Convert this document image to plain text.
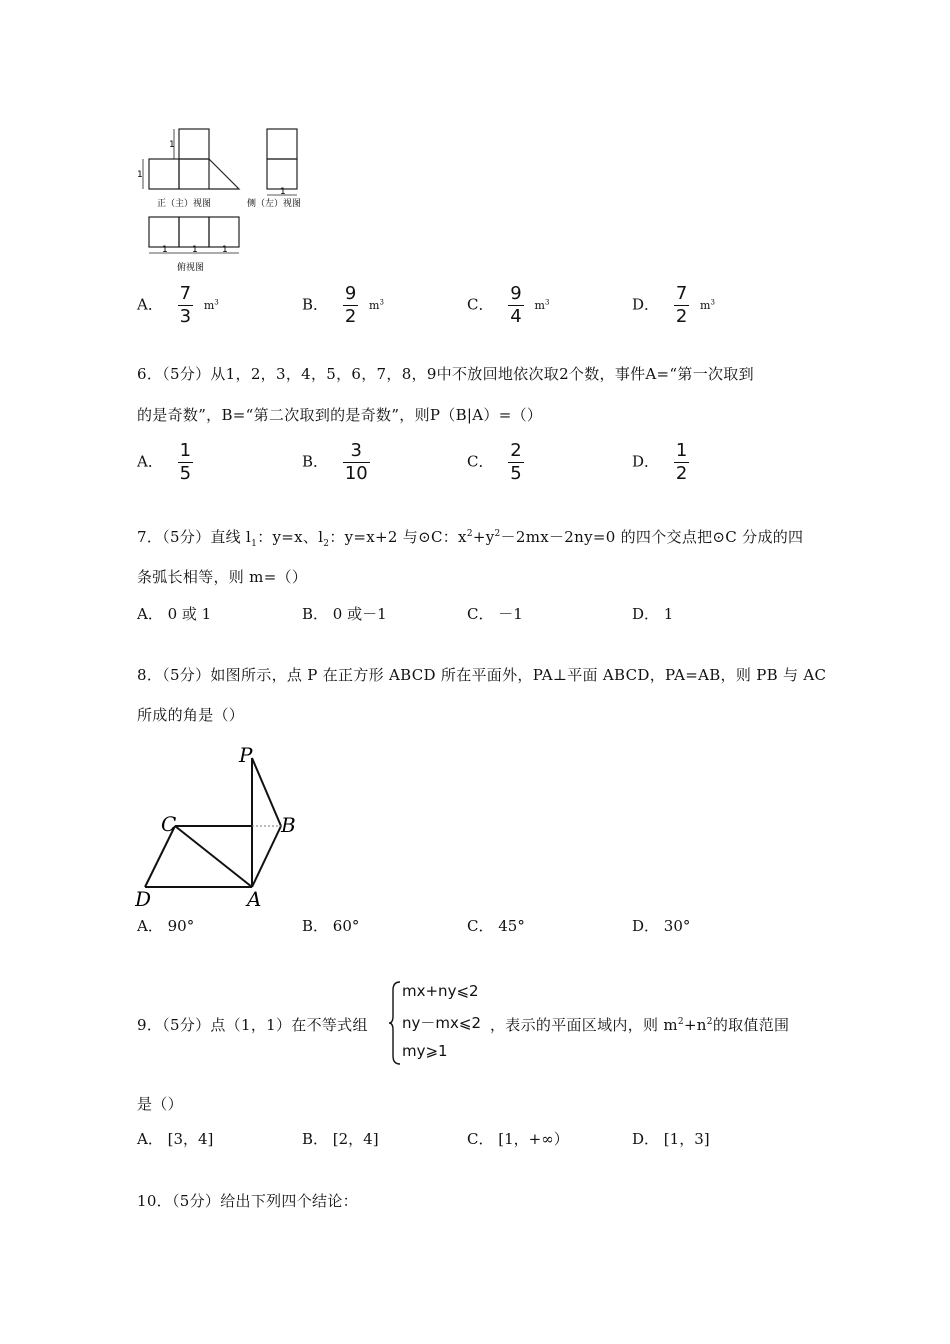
1
1
1
1	1	1
正（主）视图	侧（左）视图
俯视图
A． $\frac{7}{3} m^3$	B． $\frac{9}{2} m^3$	C． $\frac{9}{4} m^3$	D． $\frac{7}{2} m^3$
6．（5分）从1，2，3，4，5，6，7，8，9中不放回地依次取2个数，事件A=“第一次取到
的是奇数”，B=“第二次取到的是奇数”，则P（B|A）=（）
A． $\frac{1}{5}$	B． $\frac{3}{10}$	C． $\frac{2}{5}$	D． $\frac{1}{2}$
7．（5分）直线 $l_1$：y=x、$l_2$：y=x+2 与⊙C：$x^2+y^2-2mx-2ny=0$ 的四个交点把⊙C 分成的四
条弧长相等，则 m=（）
A． 0 或 1	B． 0 或－1	C． －1	D． 1
8．（5分）如图所示，点 P 在正方形 ABCD 所在平面外，PA⊥平面 ABCD，PA=AB，则 PB 与 AC
所成的角是（）
P
B
C
A
D
A． 90°	B． 60°	C． 45°	D． 30°
9．（5分）点（1，1）在不等式组
mx+ny⩽2
ny－mx⩽2
my⩾1
，表示的平面区域内，则 $m^2+n^2$的取值范围
是（）
A． [3，4]	B． [2，4]	C． [1，+∞）	D． [1，3]
10．（5分）给出下列四个结论：
